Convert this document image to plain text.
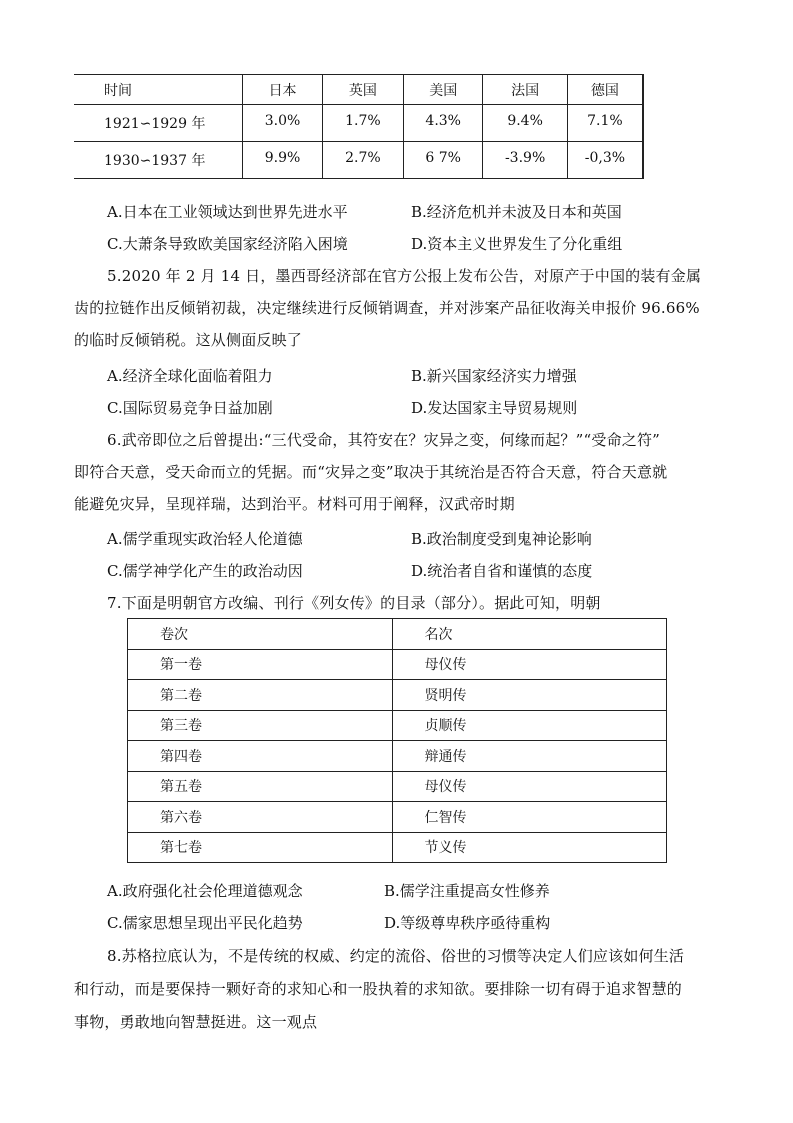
时间	日本	英国	美国	法国	德国
1921∽1929 年	3.0%	1.7%	4.3%	9.4%	7.1%
1930∽1937 年	9.9%	2.7%	6 7%	-3.9%	-0,3%
A.日本在工业领域达到世界先进水平	B.经济危机并未波及日本和英国
C.大萧条导致欧美国家经济陷入困境	D.资本主义世界发生了分化重组
5.2020 年 2 月 14 日，墨西哥经济部在官方公报上发布公告，对原产于中国的装有金属
齿的拉链作出反倾销初裁，决定继续进行反倾销调查，并对涉案产品征收海关申报价 96.66%
的临时反倾销税。这从侧面反映了
A.经济全球化面临着阻力	B.新兴国家经济实力增强
C.国际贸易竞争日益加剧	D.发达国家主导贸易规则
6.武帝即位之后曾提出:“三代受命，其符安在？灾异之变，何缘而起？”“受命之符”
即符合天意，受天命而立的凭据。而“灾异之变”取决于其统治是否符合天意，符合天意就
能避免灾异，呈现祥瑞，达到治平。材料可用于阐释，汉武帝时期
A.儒学重现实政治轻人伦道德	B.政治制度受到鬼神论影响
C.儒学神学化产生的政治动因	D.统治者自省和谨慎的态度
7.下面是明朝官方改编、刊行《列女传》的目录（部分）。据此可知，明朝
卷次	名次
第一卷	母仪传
第二卷	贤明传
第三卷	贞顺传
第四卷	辩通传
第五卷	母仪传
第六卷	仁智传
第七卷	节义传
A.政府强化社会伦理道德观念	B.儒学注重提高女性修养
C.儒家思想呈现出平民化趋势	D.等级尊卑秩序亟待重构
8.苏格拉底认为，不是传统的权威、约定的流俗、俗世的习惯等决定人们应该如何生活
和行动，而是要保持一颗好奇的求知心和一股执着的求知欲。要排除一切有碍于追求智慧的
事物，勇敢地向智慧挺进。这一观点
